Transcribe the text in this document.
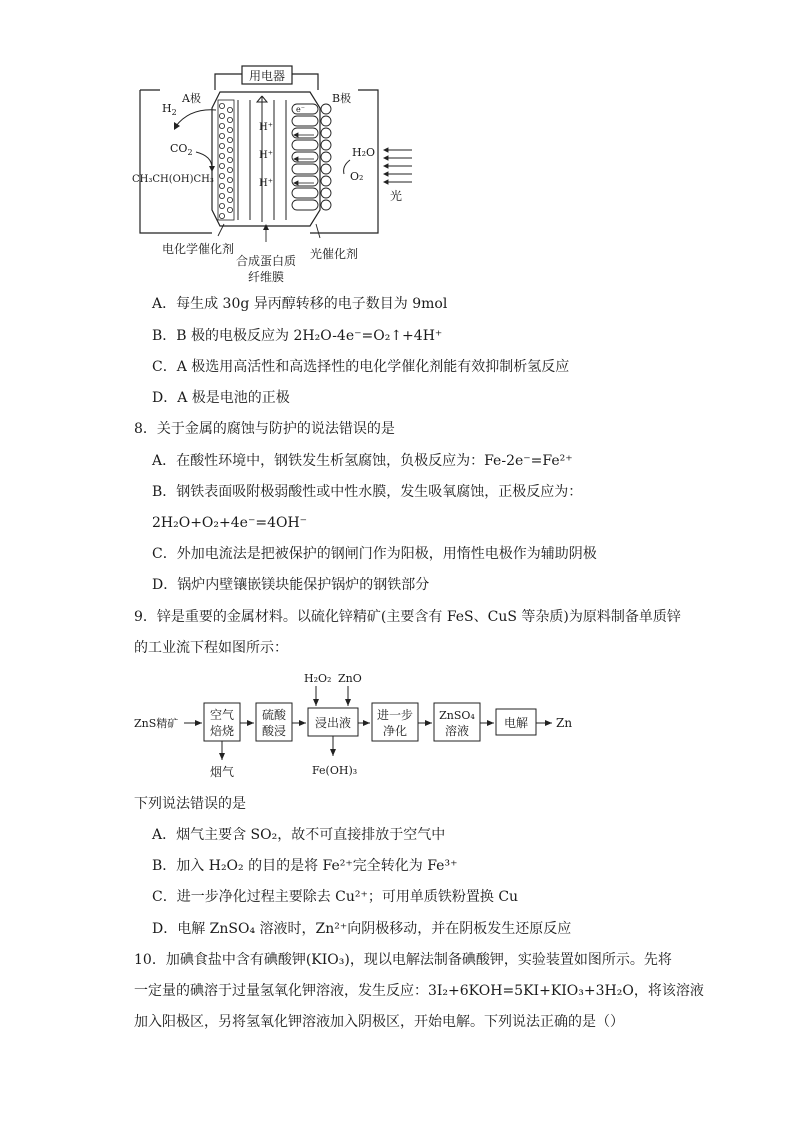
用电器
H⁺
H⁺
H⁺
e⁻
A极	B极
$H_2$
$CO_2$
CH₃CH(OH)CH₃
H₂O
O₂
光
电化学催化剂
合成蛋白质
纤维膜
光催化剂
A．每生成 30g 异丙醇转移的电子数目为 9mol
B．B 极的电极反应为 2H₂O-4e⁻=O₂↑+4H⁺
C．A 极选用高活性和高选择性的电化学催化剂能有效抑制析氢反应
D．A 极是电池的正极
8．关于金属的腐蚀与防护的说法错误的是
A．在酸性环境中，钢铁发生析氢腐蚀，负极反应为：Fe-2e⁻=Fe²⁺
B．钢铁表面吸附极弱酸性或中性水膜，发生吸氧腐蚀，正极反应为：
2H₂O+O₂+4e⁻=4OH⁻
C．外加电流法是把被保护的钢闸门作为阳极，用惰性电极作为辅助阴极
D．锅炉内壁镶嵌镁块能保护锅炉的钢铁部分
9．锌是重要的金属材料。以硫化锌精矿(主要含有 FeS、CuS 等杂质)为原料制备单质锌
的工业流下程如图所示：
ZnS精矿
空气
焙烧
烟气
硫酸
酸浸
浸出液
H₂O₂ ZnO
Fe(OH)₃
进一步
净化
ZnSO₄
溶液
电解 Zn
下列说法错误的是
A．烟气主要含 SO₂，故不可直接排放于空气中
B．加入 H₂O₂ 的目的是将 Fe²⁺完全转化为 Fe³⁺
C．进一步净化过程主要除去 Cu²⁺；可用单质铁粉置换 Cu
D．电解 ZnSO₄ 溶液时，Zn²⁺向阴极移动，并在阴板发生还原反应
10．加碘食盐中含有碘酸钾(KIO₃)，现以电解法制备碘酸钾，实验装置如图所示。先将
一定量的碘溶于过量氢氧化钾溶液，发生反应：3I₂+6KOH=5KI+KIO₃+3H₂O，将该溶液
加入阳极区，另将氢氧化钾溶液加入阴极区，开始电解。下列说法正确的是（）
